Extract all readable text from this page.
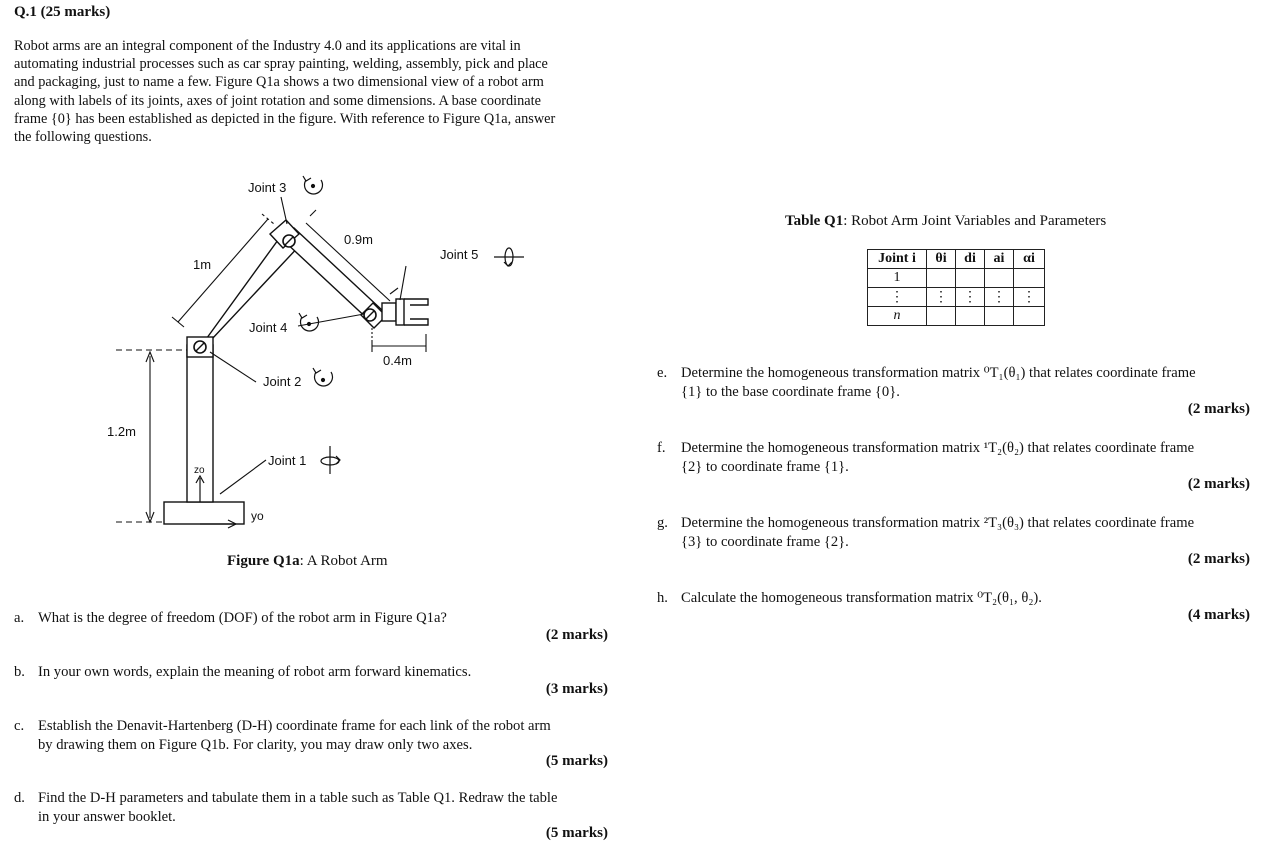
Q.1 (25 marks)
Robot arms are an integral component of the Industry 4.0 and its applications are vital in
automating industrial processes such as car spray painting, welding, assembly, pick and place
and packaging, just to name a few. Figure Q1a shows a two dimensional view of a robot arm
along with labels of its joints, axes of joint rotation and some dimensions. A base coordinate
frame {0} has been established as depicted in the figure. With reference to Figure Q1a, answer
the following questions.
Joint 3
0.9m
1m
Joint 5
Joint 4
0.4m
Joint 2
1.2m
Joint 1
zo
yo
Figure Q1a: A Robot Arm
Table Q1: Robot Arm Joint Variables and Parameters
Joint i	θi	di	ai	αi
1				
⋮	⋮	⋮	⋮	⋮
n				
a. What is the degree of freedom (DOF) of the robot arm in Figure Q1a?
(2 marks)
b. In your own words, explain the meaning of robot arm forward kinematics.
(3 marks)
c. Establish the Denavit-Hartenberg (D-H) coordinate frame for each link of the robot arm
by drawing them on Figure Q1b. For clarity, you may draw only two axes.
(5 marks)
d. Find the D-H parameters and tabulate them in a table such as Table Q1. Redraw the table
in your answer booklet.
(5 marks)
e. Determine the homogeneous transformation matrix ⁰T₁(θ₁) that relates coordinate frame
{1} to the base coordinate frame {0}.
(2 marks)
f. Determine the homogeneous transformation matrix ¹T₂(θ₂) that relates coordinate frame
{2} to coordinate frame {1}.
(2 marks)
g. Determine the homogeneous transformation matrix ²T₃(θ₃) that relates coordinate frame
{3} to coordinate frame {2}.
(2 marks)
h. Calculate the homogeneous transformation matrix ⁰T₂(θ₁, θ₂).
(4 marks)
